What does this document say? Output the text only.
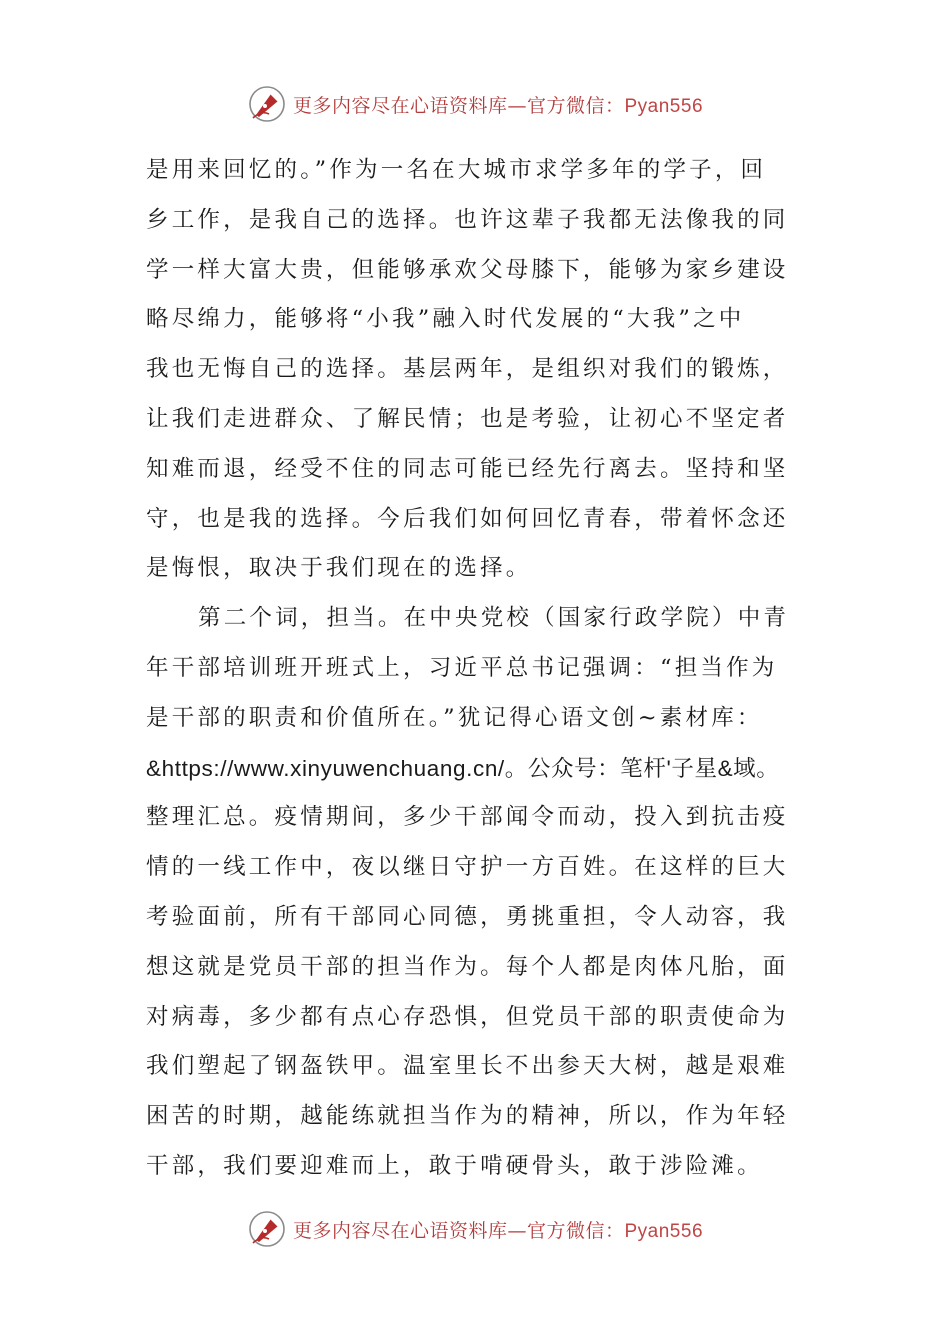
更多内容尽在心语资料库—官方微信：Pyan556
是用来回忆的。”作为一名在大城市求学多年的学子，回
乡工作，是我自己的选择。也许这辈子我都无法像我的同
学一样大富大贵，但能够承欢父母膝下，能够为家乡建设
略尽绵力，能够将“小我”融入时代发展的“大我”之中
我也无悔自己的选择。基层两年，是组织对我们的锻炼，
让我们走进群众、了解民情；也是考验，让初心不坚定者
知难而退，经受不住的同志可能已经先行离去。坚持和坚
守，也是我的选择。今后我们如何回忆青春，带着怀念还
是悔恨，取决于我们现在的选择。
第二个词，担当。在中央党校（国家行政学院）中青
年干部培训班开班式上，习近平总书记强调：“担当作为
是干部的职责和价值所在。”犹记得心语文创~素材库：
&https://www.xinyuwenchuang.cn/。公众号：笔杆'子星&域。
整理汇总。疫情期间，多少干部闻令而动，投入到抗击疫
情的一线工作中，夜以继日守护一方百姓。在这样的巨大
考验面前，所有干部同心同德，勇挑重担，令人动容，我
想这就是党员干部的担当作为。每个人都是肉体凡胎，面
对病毒，多少都有点心存恐惧，但党员干部的职责使命为
我们塑起了钢盔铁甲。温室里长不出参天大树，越是艰难
困苦的时期，越能练就担当作为的精神，所以，作为年轻
干部，我们要迎难而上，敢于啃硬骨头，敢于涉险滩。
更多内容尽在心语资料库—官方微信：Pyan556
